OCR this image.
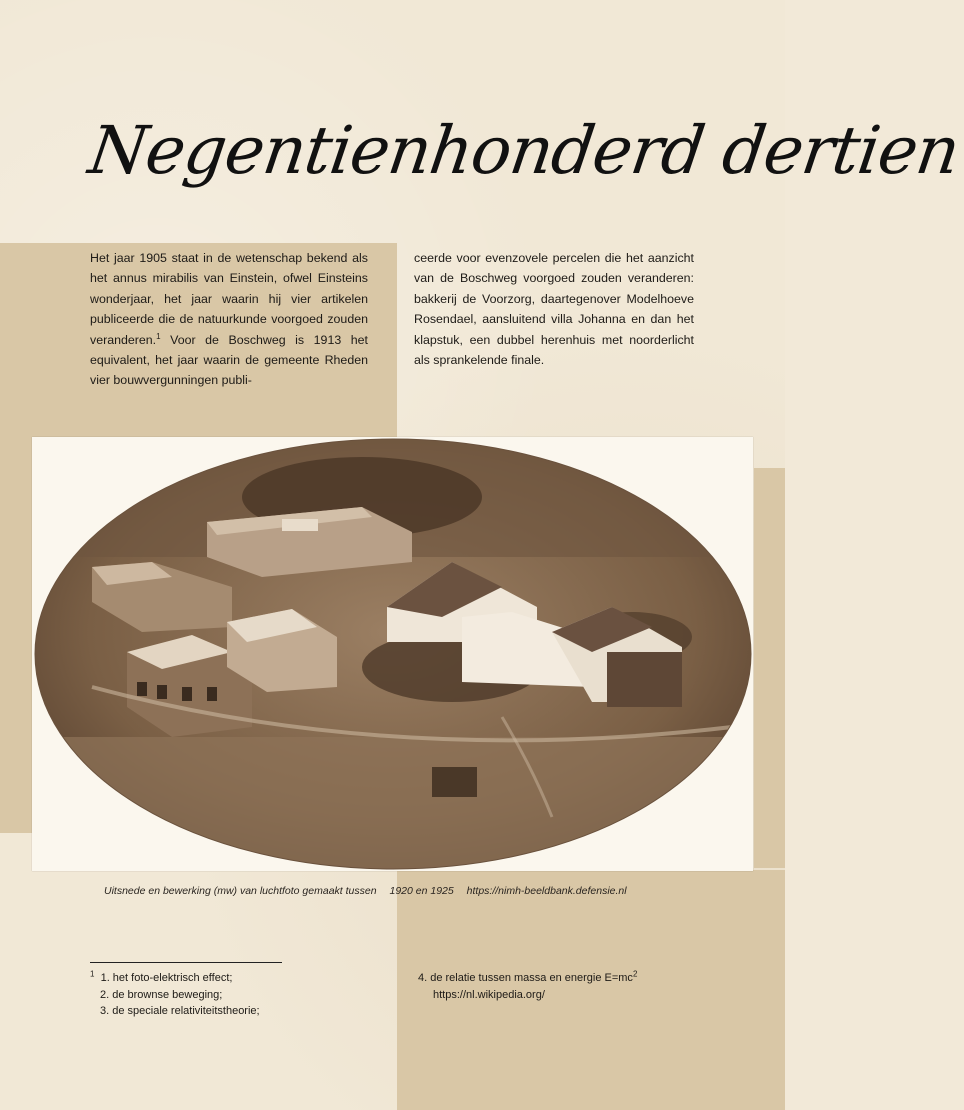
Negentienhonderd dertien

Het jaar 1905 staat in de wetenschap bekend als het annus mirabilis van Einstein, ofwel Einsteins wonderjaar, het jaar waarin hij vier artikelen publiceerde die de natuurkunde voorgoed zouden veranderen.$^1$ Voor de Boschweg is 1913 het equivalent, het jaar waarin de gemeente Rheden vier bouwvergunningen publi-

ceerde voor evenzovele percelen die het aanzicht van de Boschweg voorgoed zouden veranderen: bakkerij de Voorzorg, daartegenover Modelhoeve Rosendael, aansluitend villa Johanna en dan het klapstuk, een dubbel herenhuis met noorderlicht als sprankelende finale.

Uitsnede en bewerking (mw) van luchtfoto gemaakt tussen 1920 en 1925 https://nimh-beeldbank.defensie.nl
$^1$ 1. het foto-elektrisch effect;
2. de brownse beweging;
3. de speciale relativiteitstheorie;
4. de relatie tussen massa en energie $E=mc^2$
https://nl.wikipedia.org/
